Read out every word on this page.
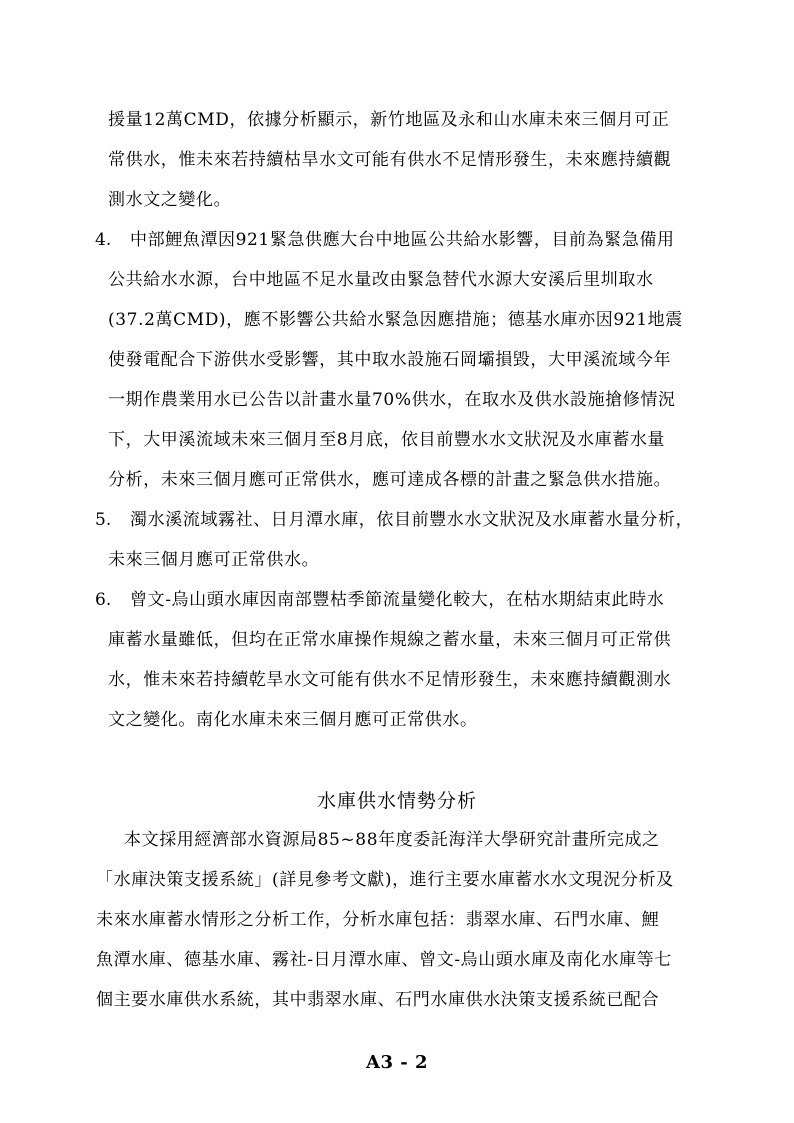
援量12萬CMD，依據分析顯示，新竹地區及永和山水庫未來三個月可正
常供水，惟未來若持續枯旱水文可能有供水不足情形發生，未來應持續觀
測水文之變化。
4. 中部鯉魚潭因921緊急供應大台中地區公共給水影響，目前為緊急備用
公共給水水源，台中地區不足水量改由緊急替代水源大安溪后里圳取水
(37.2萬CMD)，應不影響公共給水緊急因應措施；德基水庫亦因921地震
使發電配合下游供水受影響，其中取水設施石岡壩損毀，大甲溪流域今年
一期作農業用水已公告以計畫水量70%供水，在取水及供水設施搶修情況
下，大甲溪流域未來三個月至8月底，依目前豐水水文狀況及水庫蓄水量
分析，未來三個月應可正常供水，應可達成各標的計畫之緊急供水措施。
5. 濁水溪流域霧社、日月潭水庫，依目前豐水水文狀況及水庫蓄水量分析，
未來三個月應可正常供水。
6. 曾文-烏山頭水庫因南部豐枯季節流量變化較大，在枯水期結束此時水
庫蓄水量雖低，但均在正常水庫操作規線之蓄水量，未來三個月可正常供
水，惟未來若持續乾旱水文可能有供水不足情形發生，未來應持續觀測水
文之變化。南化水庫未來三個月應可正常供水。
水庫供水情勢分析
本文採用經濟部水資源局85~88年度委託海洋大學研究計畫所完成之
「水庫決策支援系統」(詳見參考文獻)，進行主要水庫蓄水水文現況分析及
未來水庫蓄水情形之分析工作，分析水庫包括：翡翠水庫、石門水庫、鯉
魚潭水庫、德基水庫、霧社-日月潭水庫、曾文-烏山頭水庫及南化水庫等七
個主要水庫供水系統，其中翡翠水庫、石門水庫供水決策支援系統已配合
A3 - 2
